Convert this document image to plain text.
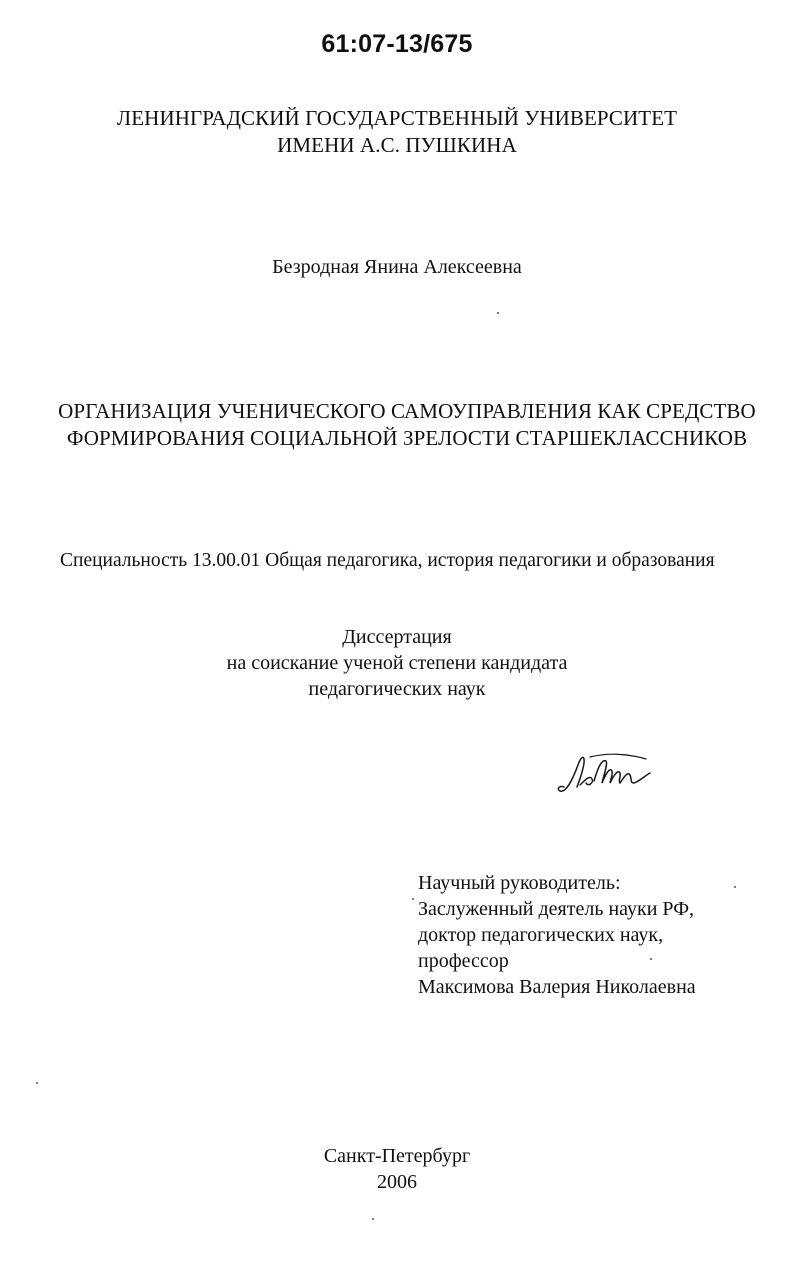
61:07-13/675
ЛЕНИНГРАДСКИЙ ГОСУДАРСТВЕННЫЙ УНИВЕРСИТЕТ
ИМЕНИ А.С. ПУШКИНА
Безродная Янина Алексеевна
ОРГАНИЗАЦИЯ УЧЕНИЧЕСКОГО САМОУПРАВЛЕНИЯ КАК СРЕДСТВО
ФОРМИРОВАНИЯ СОЦИАЛЬНОЙ ЗРЕЛОСТИ СТАРШЕКЛАССНИКОВ
Специальность 13.00.01 Общая педагогика, история педагогики и образования
Диссертация
на соискание ученой степени кандидата
педагогических наук
Научный руководитель:
Заслуженный деятель науки РФ,
доктор педагогических наук,
профессор
Максимова Валерия Николаевна
Санкт-Петербург
2006
